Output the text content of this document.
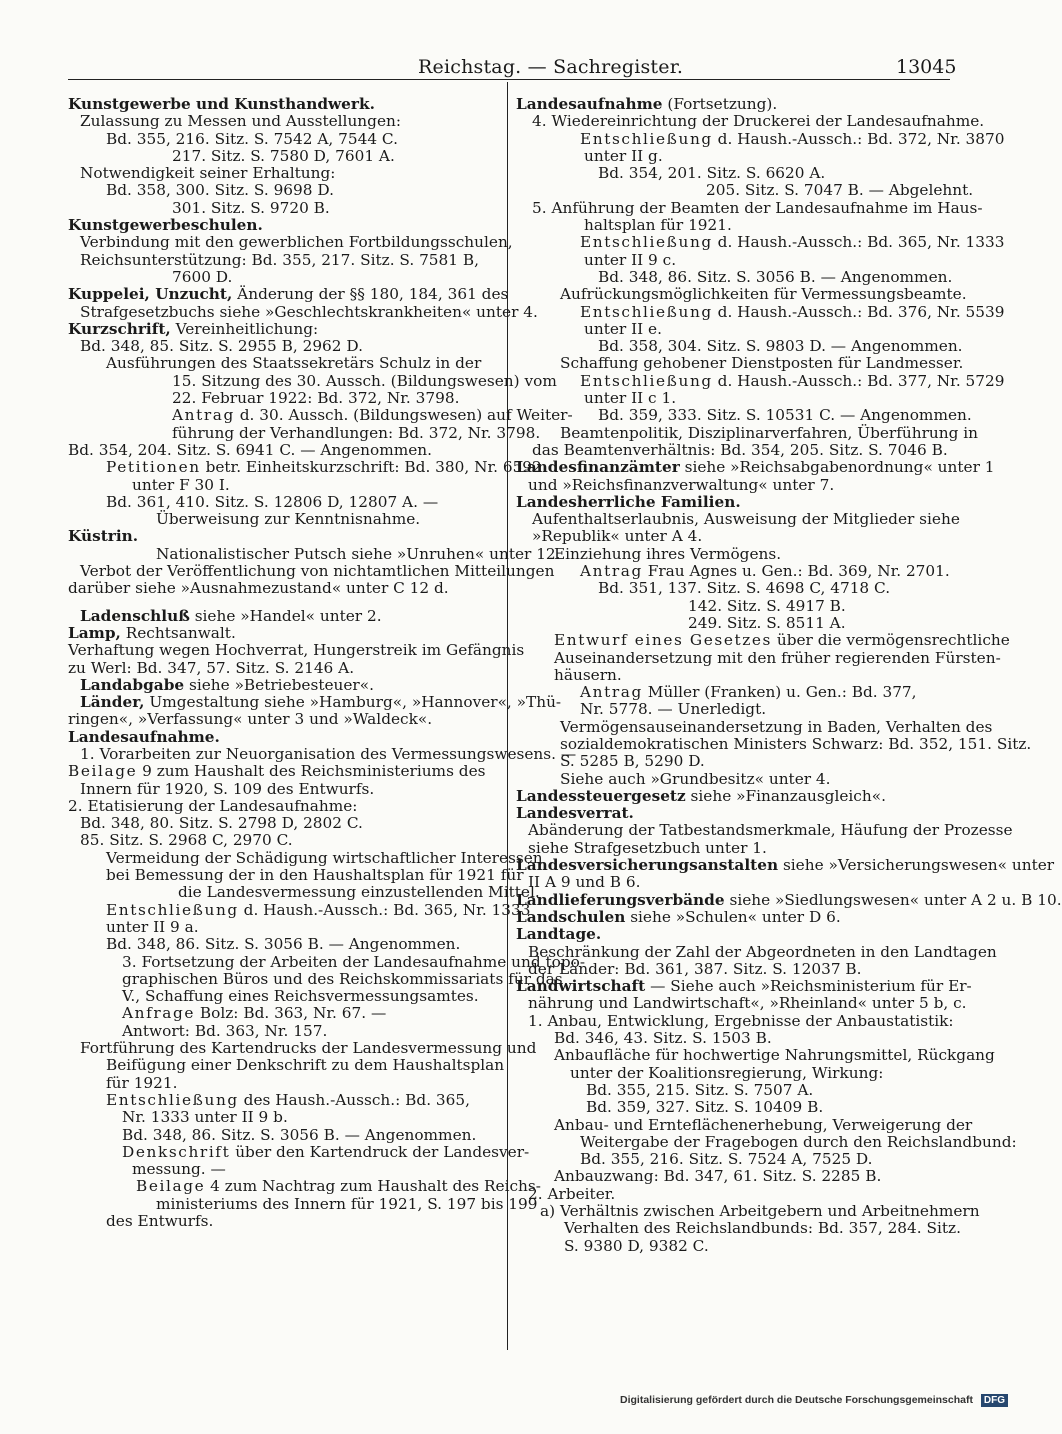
Reichstag. — Sachregister.	13045
Kunstgewerbe und Kunsthandwerk.
Zulassung zu Messen und Ausstellungen:
Bd. 355, 216. Sitz. S. 7542 A, 7544 C.
217. Sitz. S. 7580 D, 7601 A.
Notwendigkeit seiner Erhaltung:
Bd. 358, 300. Sitz. S. 9698 D.
301. Sitz. S. 9720 B.
Kunstgewerbeschulen.
Verbindung mit den gewerblichen Fortbildungsschulen,
Reichsunterstützung: Bd. 355, 217. Sitz. S. 7581 B,
7600 D.
Kuppelei, Unzucht, Änderung der §§ 180, 184, 361 des
Strafgesetzbuchs siehe »Geschlechtskrankheiten« unter 4.
Kurzschrift, Vereinheitlichung:
Bd. 348, 85. Sitz. S. 2955 B, 2962 D.
Ausführungen des Staatssekretärs Schulz in der
15. Sitzung des 30. Aussch. (Bildungswesen) vom
22. Februar 1922: Bd. 372, Nr. 3798.
Antrag d. 30. Aussch. (Bildungswesen) auf Weiter-
führung der Verhandlungen: Bd. 372, Nr. 3798.
Bd. 354, 204. Sitz. S. 6941 C. — Angenommen.
Petitionen betr. Einheitskurzschrift: Bd. 380, Nr. 6592
unter F 30 I.
Bd. 361, 410. Sitz. S. 12806 D, 12807 A. —
Überweisung zur Kenntnisnahme.
Küstrin.
Nationalistischer Putsch siehe »Unruhen« unter 12.
Verbot der Veröffentlichung von nichtamtlichen Mitteilungen
darüber siehe »Ausnahmezustand« unter C 12 d.
Ladenschluß siehe »Handel« unter 2.
Lamp, Rechtsanwalt.
Verhaftung wegen Hochverrat, Hungerstreik im Gefängnis
zu Werl: Bd. 347, 57. Sitz. S. 2146 A.
Landabgabe siehe »Betriebesteuer«.
Länder, Umgestaltung siehe »Hamburg«, »Hannover«, »Thü-
ringen«, »Verfassung« unter 3 und »Waldeck«.
Landesaufnahme.
1. Vorarbeiten zur Neuorganisation des Vermessungswesens. —
Beilage 9 zum Haushalt des Reichsministeriums des
Innern für 1920, S. 109 des Entwurfs.
2. Etatisierung der Landesaufnahme:
Bd. 348, 80. Sitz. S. 2798 D, 2802 C.
85. Sitz. S. 2968 C, 2970 C.
Vermeidung der Schädigung wirtschaftlicher Interessen
bei Bemessung der in den Haushaltsplan für 1921 für
die Landesvermessung einzustellenden Mittel.
Entschließung d. Haush.-Aussch.: Bd. 365, Nr. 1333
unter II 9 a.
Bd. 348, 86. Sitz. S. 3056 B. — Angenommen.
3. Fortsetzung der Arbeiten der Landesaufnahme und topo-
graphischen Büros und des Reichskommissariats für das
V., Schaffung eines Reichsvermessungsamtes.
Anfrage Bolz: Bd. 363, Nr. 67. —
Antwort: Bd. 363, Nr. 157.
Fortführung des Kartendrucks der Landesvermessung und
Beifügung einer Denkschrift zu dem Haushaltsplan
für 1921.
Entschließung des Haush.-Aussch.: Bd. 365,
Nr. 1333 unter II 9 b.
Bd. 348, 86. Sitz. S. 3056 B. — Angenommen.
Denkschrift über den Kartendruck der Landesver-
messung. —
Beilage 4 zum Nachtrag zum Haushalt des Reichs-
ministeriums des Innern für 1921, S. 197 bis 199
des Entwurfs.
Landesaufnahme (Fortsetzung).
4. Wiedereinrichtung der Druckerei der Landesaufnahme.
Entschließung d. Haush.-Aussch.: Bd. 372, Nr. 3870
unter II g.
Bd. 354, 201. Sitz. S. 6620 A.
205. Sitz. S. 7047 B. — Abgelehnt.
5. Anführung der Beamten der Landesaufnahme im Haus-
haltsplan für 1921.
Entschließung d. Haush.-Aussch.: Bd. 365, Nr. 1333
unter II 9 c.
Bd. 348, 86. Sitz. S. 3056 B. — Angenommen.
Aufrückungsmöglichkeiten für Vermessungsbeamte.
Entschließung d. Haush.-Aussch.: Bd. 376, Nr. 5539
unter II e.
Bd. 358, 304. Sitz. S. 9803 D. — Angenommen.
Schaffung gehobener Dienstposten für Landmesser.
Entschließung d. Haush.-Aussch.: Bd. 377, Nr. 5729
unter II c 1.
Bd. 359, 333. Sitz. S. 10531 C. — Angenommen.
Beamtenpolitik, Disziplinarverfahren, Überführung in
das Beamtenverhältnis: Bd. 354, 205. Sitz. S. 7046 B.
Landesfinanzämter siehe »Reichsabgabenordnung« unter 1
und »Reichsfinanzverwaltung« unter 7.
Landesherrliche Familien.
Aufenthaltserlaubnis, Ausweisung der Mitglieder siehe
»Republik« unter A 4.
Einziehung ihres Vermögens.
Antrag Frau Agnes u. Gen.: Bd. 369, Nr. 2701.
Bd. 351, 137. Sitz. S. 4698 C, 4718 C.
142. Sitz. S. 4917 B.
249. Sitz. S. 8511 A.
Entwurf eines Gesetzes über die vermögensrechtliche
Auseinandersetzung mit den früher regierenden Fürsten-
häusern.
Antrag Müller (Franken) u. Gen.: Bd. 377,
Nr. 5778. — Unerledigt.
Vermögensauseinandersetzung in Baden, Verhalten des
sozialdemokratischen Ministers Schwarz: Bd. 352, 151. Sitz.
S. 5285 B, 5290 D.
Siehe auch »Grundbesitz« unter 4.
Landessteuergesetz siehe »Finanzausgleich«.
Landesverrat.
Abänderung der Tatbestandsmerkmale, Häufung der Prozesse
siehe Strafgesetzbuch unter 1.
Landesversicherungsanstalten siehe »Versicherungswesen« unter
II A 9 und B 6.
Landlieferungsverbände siehe »Siedlungswesen« unter A 2 u. B 10.
Landschulen siehe »Schulen« unter D 6.
Landtage.
Beschränkung der Zahl der Abgeordneten in den Landtagen
der Länder: Bd. 361, 387. Sitz. S. 12037 B.
Landwirtschaft — Siehe auch »Reichsministerium für Er-
nährung und Landwirtschaft«, »Rheinland« unter 5 b, c.
1. Anbau, Entwicklung, Ergebnisse der Anbaustatistik:
Bd. 346, 43. Sitz. S. 1503 B.
Anbaufläche für hochwertige Nahrungsmittel, Rückgang
unter der Koalitionsregierung, Wirkung:
Bd. 355, 215. Sitz. S. 7507 A.
Bd. 359, 327. Sitz. S. 10409 B.
Anbau- und Ernteflächenerhebung, Verweigerung der
Weitergabe der Fragebogen durch den Reichslandbund:
Bd. 355, 216. Sitz. S. 7524 A, 7525 D.
Anbauzwang: Bd. 347, 61. Sitz. S. 2285 B.
2. Arbeiter.
a) Verhältnis zwischen Arbeitgebern und Arbeitnehmern
Verhalten des Reichslandbunds: Bd. 357, 284. Sitz.
S. 9380 D, 9382 C.
Digitalisierung gefördert durch die Deutsche Forschungsgemeinschaft DFG
